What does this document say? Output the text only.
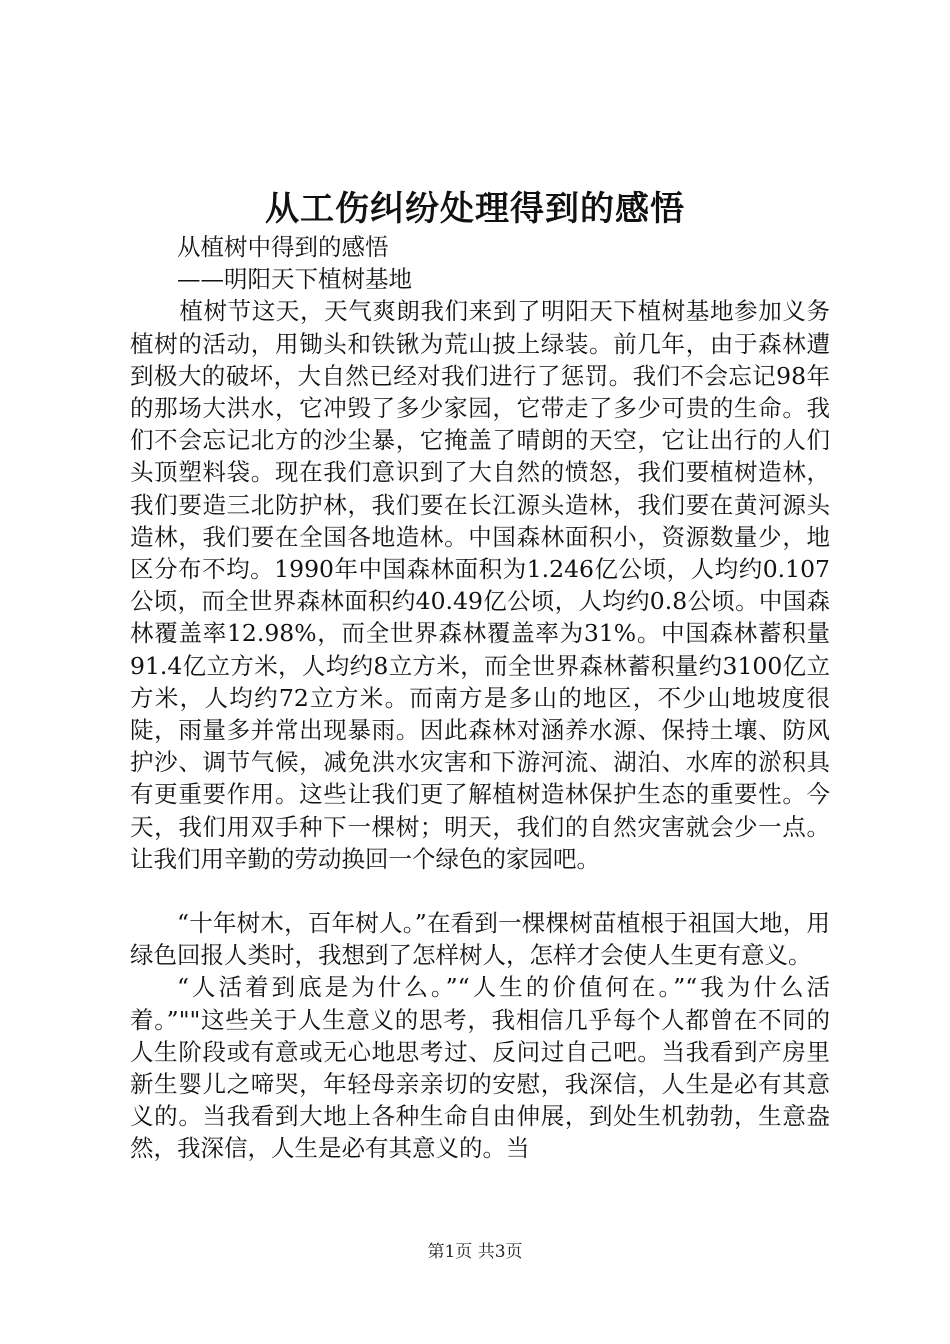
从工伤纠纷处理得到的感悟

从植树中得到的感悟

——明阳天下植树基地

植树节这天，天气爽朗我们来到了明阳天下植树基地参加义务植树的活动，用锄头和铁锹为荒山披上绿装。前几年，由于森林遭到极大的破坏，大自然已经对我们进行了惩罚。我们不会忘记98年的那场大洪水，它冲毁了多少家园，它带走了多少可贵的生命。我们不会忘记北方的沙尘暴，它掩盖了晴朗的天空，它让出行的人们头顶塑料袋。现在我们意识到了大自然的愤怒，我们要植树造林，我们要造三北防护林，我们要在长江源头造林，我们要在黄河源头造林，我们要在全国各地造林。中国森林面积小，资源数量少，地区分布不均。1990年中国森林面积为1.246亿公顷，人均约0.107公顷，而全世界森林面积约40.49亿公顷，人均约0.8公顷。中国森林覆盖率12.98%，而全世界森林覆盖率为31%。中国森林蓄积量91.4亿立方米，人均约8立方米，而全世界森林蓄积量约3100亿立方米，人均约72立方米。而南方是多山的地区，不少山地坡度很陡，雨量多并常出现暴雨。因此森林对涵养水源、保持土壤、防风护沙、调节气候，减免洪水灾害和下游河流、湖泊、水库的淤积具有更重要作用。这些让我们更了解植树造林保护生态的重要性。今天，我们用双手种下一棵树；明天，我们的自然灾害就会少一点。让我们用辛勤的劳动换回一个绿色的家园吧。

“十年树木，百年树人。”在看到一棵棵树苗植根于祖国大地，用绿色回报人类时，我想到了怎样树人，怎样才会使人生更有意义。

“人活着到底是为什么。”“人生的价值何在。”“我为什么活着。”""这些关于人生意义的思考，我相信几乎每个人都曾在不同的人生阶段或有意或无心地思考过、反问过自己吧。当我看到产房里新生婴儿之啼哭，年轻母亲亲切的安慰，我深信，人生是必有其意义的。当我看到大地上各种生命自由伸展，到处生机勃勃，生意盎然，我深信，人生是必有其意义的。当

第1页 共3页
